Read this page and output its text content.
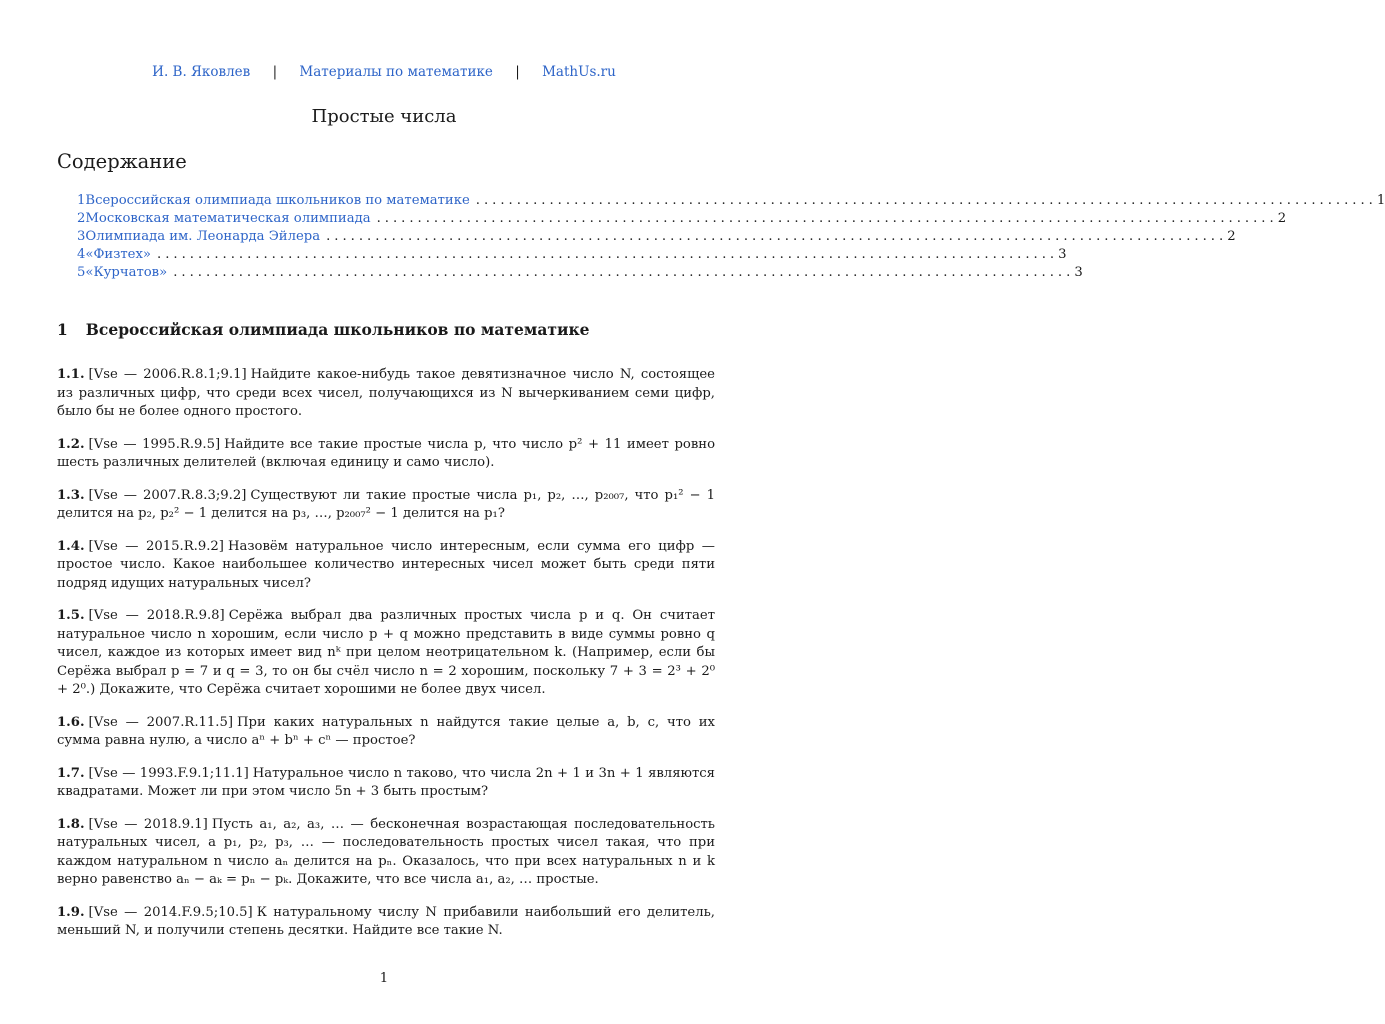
И. В. Яковлев | Материалы по математике | MathUs.ru
Простые числа
Содержание
1 Всероссийская олимпиада школьников по математике .............................................................................................................. 1
2 Московская математическая олимпиада .............................................................................................................. 2
3 Олимпиада им. Леонарда Эйлера .............................................................................................................. 2
4 «Физтех» .............................................................................................................. 3
5 «Курчатов» .............................................................................................................. 3
1 Всероссийская олимпиада школьников по математике

1.1. [Vse — 2006.R.8.1;9.1] Найдите какое-нибудь такое девятизначное число N, состоящее из различных цифр, что среди всех чисел, получающихся из N вычеркиванием семи цифр, было бы не более одного простого.

1.2. [Vse — 1995.R.9.5] Найдите все такие простые числа p, что число p² + 11 имеет ровно шесть различных делителей (включая единицу и само число).

1.3. [Vse — 2007.R.8.3;9.2] Существуют ли такие простые числа p₁, p₂, …, p₂₀₀₇, что p₁² − 1 делится на p₂, p₂² − 1 делится на p₃, …, p₂₀₀₇² − 1 делится на p₁?

1.4. [Vse — 2015.R.9.2] Назовём натуральное число интересным, если сумма его цифр — простое число. Какое наибольшее количество интересных чисел может быть среди пяти подряд идущих натуральных чисел?

1.5. [Vse — 2018.R.9.8] Серёжа выбрал два различных простых числа p и q. Он считает натуральное число n хорошим, если число p + q можно представить в виде суммы ровно q чисел, каждое из которых имеет вид nᵏ при целом неотрицательном k. (Например, если бы Серёжа выбрал p = 7 и q = 3, то он бы счёл число n = 2 хорошим, поскольку 7 + 3 = 2³ + 2⁰ + 2⁰.) Докажите, что Серёжа считает хорошими не более двух чисел.

1.6. [Vse — 2007.R.11.5] При каких натуральных n найдутся такие целые a, b, c, что их сумма равна нулю, а число aⁿ + bⁿ + cⁿ — простое?

1.7. [Vse — 1993.F.9.1;11.1] Натуральное число n таково, что числа 2n + 1 и 3n + 1 являются квадратами. Может ли при этом число 5n + 3 быть простым?

1.8. [Vse — 2018.9.1] Пусть a₁, a₂, a₃, … — бесконечная возрастающая последовательность натуральных чисел, а p₁, p₂, p₃, … — последовательность простых чисел такая, что при каждом натуральном n число aₙ делится на pₙ. Оказалось, что при всех натуральных n и k верно равенство aₙ − aₖ = pₙ − pₖ. Докажите, что все числа a₁, a₂, … простые.

1.9. [Vse — 2014.F.9.5;10.5] К натуральному числу N прибавили наибольший его делитель, меньший N, и получили степень десятки. Найдите все такие N.

1
